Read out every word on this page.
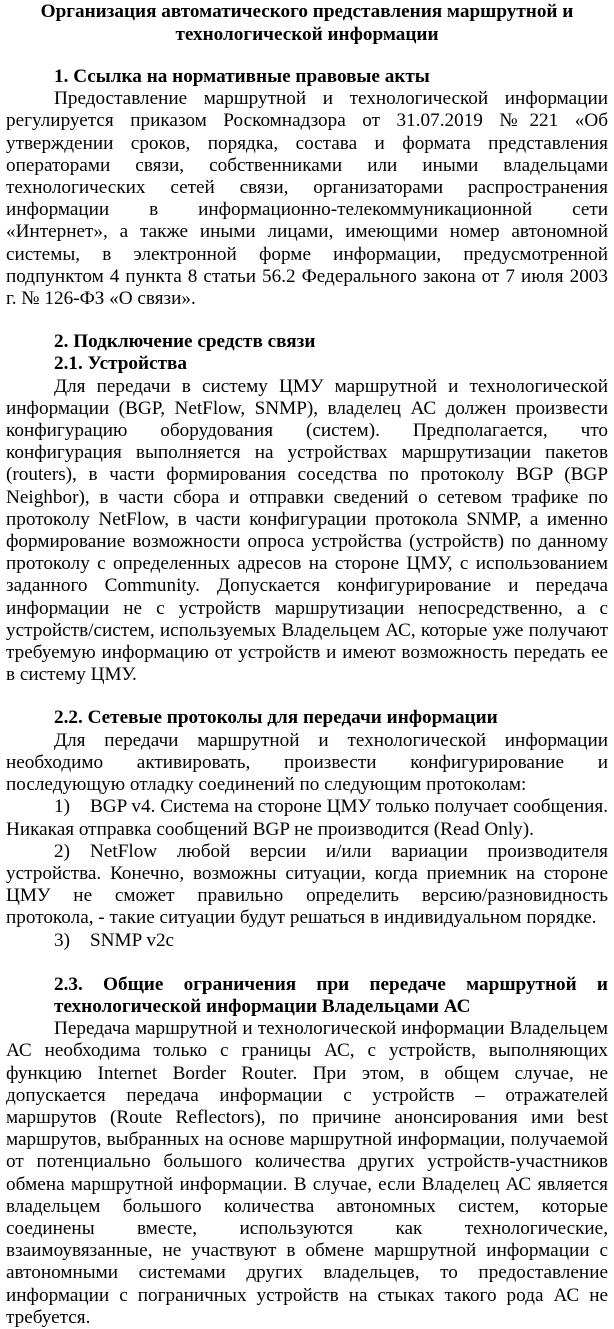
Организация автоматического представления маршрутной и технологической информации
1. Ссылка на нормативные правовые акты

Предоставление маршрутной и технологической информации регулируется приказом Роскомнадзора от 31.07.2019 №221 «Об утверждении сроков, порядка, состава и формата представления операторами связи, собственниками или иными владельцами технологических сетей связи, организаторами распространения информации в информационно-телекоммуникационной сети «Интернет», а также иными лицами, имеющими номер автономной системы, в электронной форме информации, предусмотренной подпунктом 4 пункта 8 статьи 56.2 Федерального закона от 7 июля 2003 г. № 126-ФЗ «О связи».

2. Подключение средств связи
2.1. Устройства

Для передачи в систему ЦМУ маршрутной и технологической информации (BGP, NetFlow, SNMP), владелец АС должен произвести конфигурацию оборудования (систем). Предполагается, что конфигурация выполняется на устройствах маршрутизации пакетов (routers), в части формирования соседства по протоколу BGP (BGP Neighbor), в части сбора и отправки сведений о сетевом трафике по протоколу NetFlow, в части конфигурации протокола SNMP, а именно формирование возможности опроса устройства (устройств) по данному протоколу с определенных адресов на стороне ЦМУ, с использованием заданного Community. Допускается конфигурирование и передача информации не с устройств маршрутизации непосредственно, а с устройств/систем, используемых Владельцем АС, которые уже получают требуемую информацию от устройств и имеют возможность передать ее в систему ЦМУ.

2.2. Сетевые протоколы для передачи информации

Для передачи маршрутной и технологической информации необходимо активировать, произвести конфигурирование и последующую отладку соединений по следующим протоколам:

1) BGP v4. Система на стороне ЦМУ только получает сообщения. Никакая отправка сообщений BGP не производится (Read Only).

2) NetFlow любой версии и/или вариации производителя устройства. Конечно, возможны ситуации, когда приемник на стороне ЦМУ не сможет правильно определить версию/разновидность протокола, - такие ситуации будут решаться в индивидуальном порядке.

3) SNMP v2c

2.3. Общие ограничения при передаче маршрутной и технологической информации Владельцами АС

Передача маршрутной и технологической информации Владельцем АС необходима только с границы АС, с устройств, выполняющих функцию Internet Border Router. При этом, в общем случае, не допускается передача информации с устройств – отражателей маршрутов (Route Reflectors), по причине анонсирования ими best маршрутов, выбранных на основе маршрутной информации, получаемой от потенциально большого количества других устройств-участников обмена маршрутной информации. В случае, если Владелец АС является владельцем большого количества автономных систем, которые соединены вместе, используются как технологические, взаимоувязанные, не участвуют в обмене маршрутной информации с автономными системами других владельцев, то предоставление информации с пограничных устройств на стыках такого рода АС не требуется.
